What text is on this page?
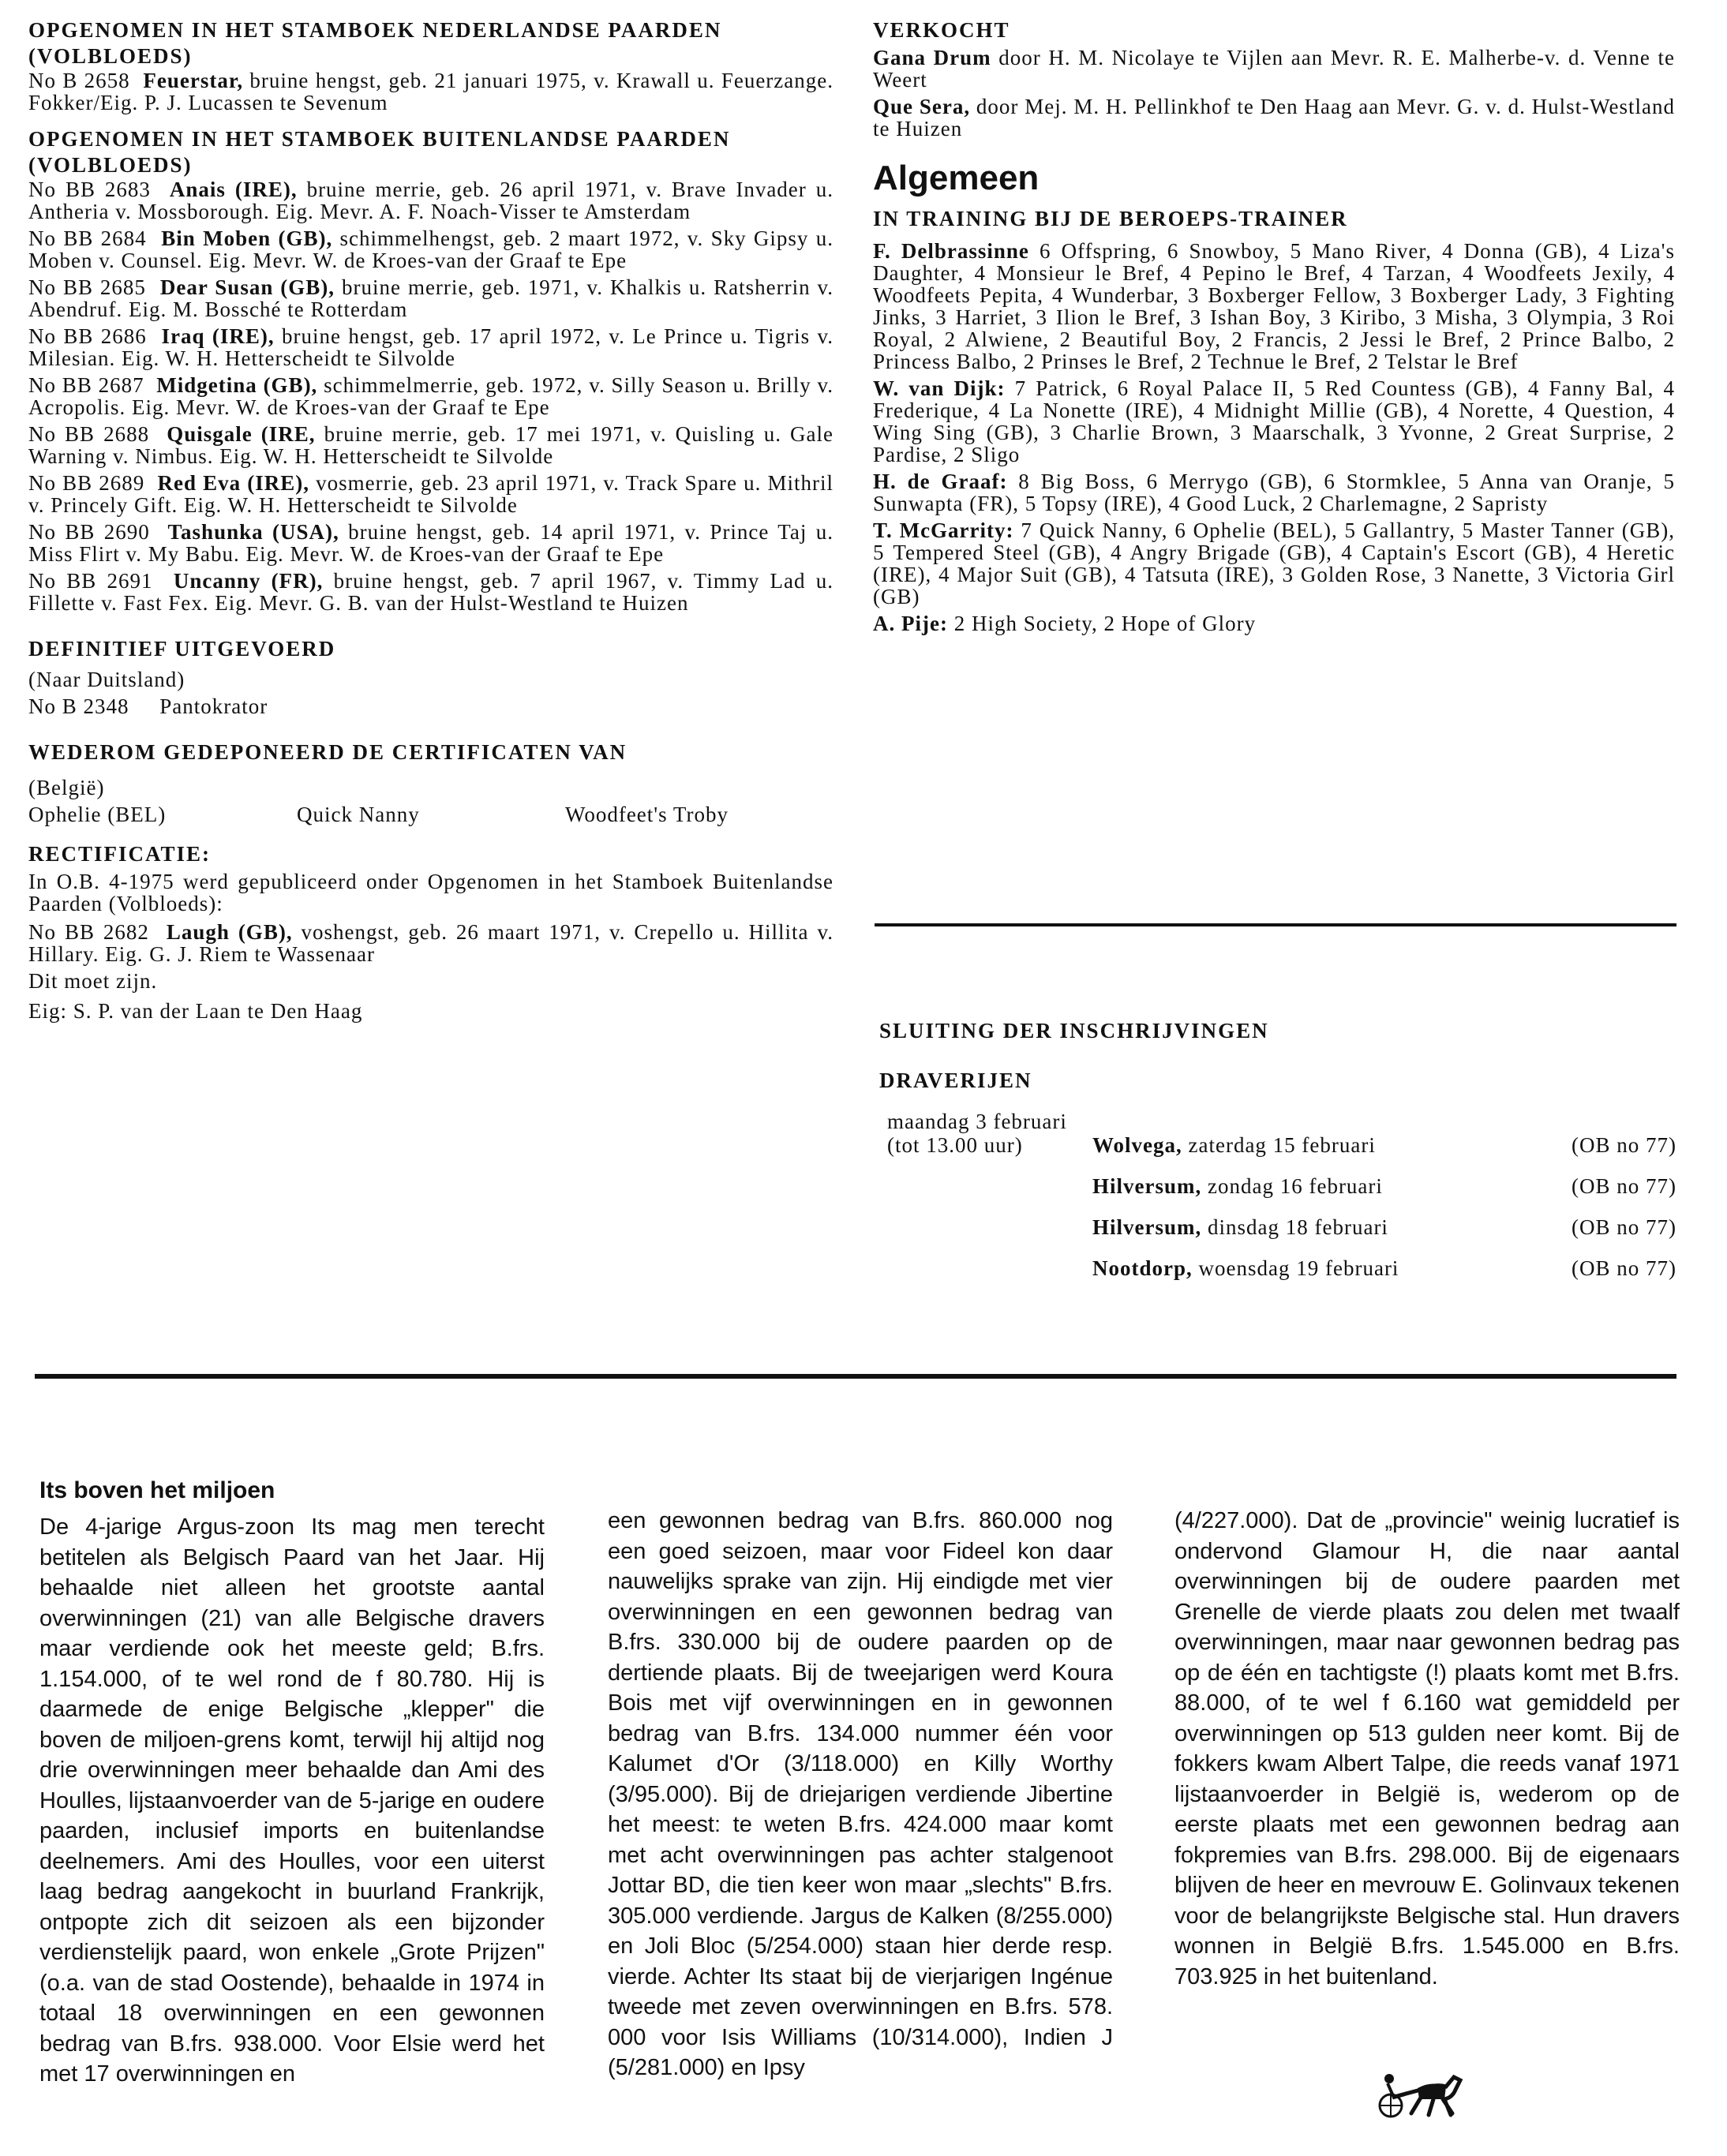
OPGENOMEN IN HET STAMBOEK NEDERLANDSE PAARDEN (VOLBLOEDS)

No B 2658 Feuerstar, bruine hengst, geb. 21 januari 1975, v. Krawall u. Feuerzange. Fokker/Eig. P. J. Lucassen te Sevenum

OPGENOMEN IN HET STAMBOEK BUITENLANDSE PAARDEN (VOLBLOEDS)

No BB 2683 Anais (IRE), bruine merrie, geb. 26 april 1971, v. Brave Invader u. Antheria v. Mossborough. Eig. Mevr. A. F. Noach-Visser te Amsterdam

No BB 2684 Bin Moben (GB), schimmelhengst, geb. 2 maart 1972, v. Sky Gipsy u. Moben v. Counsel. Eig. Mevr. W. de Kroes-van der Graaf te Epe

No BB 2685 Dear Susan (GB), bruine merrie, geb. 1971, v. Khalkis u. Ratsherrin v. Abendruf. Eig. M. Bossché te Rotterdam

No BB 2686 Iraq (IRE), bruine hengst, geb. 17 april 1972, v. Le Prince u. Tigris v. Milesian. Eig. W. H. Hetterscheidt te Silvolde

No BB 2687 Midgetina (GB), schimmelmerrie, geb. 1972, v. Silly Season u. Brilly v. Acropolis. Eig. Mevr. W. de Kroes-van der Graaf te Epe

No BB 2688 Quisgale (IRE, bruine merrie, geb. 17 mei 1971, v. Quisling u. Gale Warning v. Nimbus. Eig. W. H. Hetterscheidt te Silvolde

No BB 2689 Red Eva (IRE), vosmerrie, geb. 23 april 1971, v. Track Spare u. Mithril v. Princely Gift. Eig. W. H. Hetterscheidt te Silvolde

No BB 2690 Tashunka (USA), bruine hengst, geb. 14 april 1971, v. Prince Taj u. Miss Flirt v. My Babu. Eig. Mevr. W. de Kroes-van der Graaf te Epe

No BB 2691 Uncanny (FR), bruine hengst, geb. 7 april 1967, v. Timmy Lad u. Fillette v. Fast Fex. Eig. Mevr. G. B. van der Hulst-Westland te Huizen

DEFINITIEF UITGEVOERD

(Naar Duitsland)

No B 2348     Pantokrator

WEDEROM GEDEPONEERD DE CERTIFICATEN VAN

(België)

Ophelie (BEL)	Quick Nanny	Woodfeet's Troby
RECTIFICATIE:

In O.B. 4-1975 werd gepubliceerd onder Opgenomen in het Stamboek Buitenlandse Paarden (Volbloeds):

No BB 2682 Laugh (GB), voshengst, geb. 26 maart 1971, v. Crepello u. Hillita v. Hillary. Eig. G. J. Riem te Wassenaar

Dit moet zijn.

Eig: S. P. van der Laan te Den Haag

VERKOCHT

Gana Drum door H. M. Nicolaye te Vijlen aan Mevr. R. E. Malherbe-v. d. Venne te Weert

Que Sera, door Mej. M. H. Pellinkhof te Den Haag aan Mevr. G. v. d. Hulst-Westland te Huizen

Algemeen
IN TRAINING BIJ DE BEROEPS-TRAINER

F. Delbrassinne 6 Offspring, 6 Snowboy, 5 Mano River, 4 Donna (GB), 4 Liza's Daughter, 4 Monsieur le Bref, 4 Pepino le Bref, 4 Tarzan, 4 Woodfeets Jexily, 4 Woodfeets Pepita, 4 Wunderbar, 3 Boxberger Fellow, 3 Boxberger Lady, 3 Fighting Jinks, 3 Harriet, 3 Ilion le Bref, 3 Ishan Boy, 3 Kiribo, 3 Misha, 3 Olympia, 3 Roi Royal, 2 Alwiene, 2 Beautiful Boy, 2 Francis, 2 Jessi le Bref, 2 Prince Balbo, 2 Princess Balbo, 2 Prinses le Bref, 2 Technue le Bref, 2 Telstar le Bref

W. van Dijk: 7 Patrick, 6 Royal Palace II, 5 Red Countess (GB), 4 Fanny Bal, 4 Frederique, 4 La Nonette (IRE), 4 Midnight Millie (GB), 4 Norette, 4 Question, 4 Wing Sing (GB), 3 Charlie Brown, 3 Maarschalk, 3 Yvonne, 2 Great Surprise, 2 Pardise, 2 Sligo

H. de Graaf: 8 Big Boss, 6 Merrygo (GB), 6 Stormklee, 5 Anna van Oranje, 5 Sunwapta (FR), 5 Topsy (IRE), 4 Good Luck, 2 Charlemagne, 2 Sapristy

T. McGarrity: 7 Quick Nanny, 6 Ophelie (BEL), 5 Gallantry, 5 Master Tanner (GB), 5 Tempered Steel (GB), 4 Angry Brigade (GB), 4 Captain's Escort (GB), 4 Heretic (IRE), 4 Major Suit (GB), 4 Tatsuta (IRE), 3 Golden Rose, 3 Nanette, 3 Victoria Girl (GB)

A. Pije: 2 High Society, 2 Hope of Glory

SLUITING DER INSCHRIJVINGEN
DRAVERIJEN
maandag 3 februari
(tot 13.00 uur)	Wolvega, zaterdag 15 februari	(OB no 77)
Hilversum, zondag 16 februari	(OB no 77)
Hilversum, dinsdag 18 februari	(OB no 77)
Nootdorp, woensdag 19 februari	(OB no 77)
Its boven het miljoen

De 4-jarige Argus-zoon Its mag men terecht betitelen als Belgisch Paard van het Jaar. Hij behaalde niet alleen het grootste aantal overwinningen (21) van alle Belgische dravers maar verdiende ook het meeste geld; B.frs. 1.154.000, of te wel rond de f 80.780. Hij is daarmede de enige Belgische „klepper" die boven de miljoen-grens komt, terwijl hij altijd nog drie overwinningen meer behaalde dan Ami des Houlles, lijstaanvoerder van de 5-jarige en oudere paarden, inclusief imports en buitenlandse deelnemers. Ami des Houlles, voor een uiterst laag bedrag aangekocht in buurland Frankrijk, ontpopte zich dit seizoen als een bijzonder verdienstelijk paard, won enkele „Grote Prijzen" (o.a. van de stad Oostende), behaalde in 1974 in totaal 18 overwinningen en een gewonnen bedrag van B.frs. 938.000. Voor Elsie werd het met 17 overwinningen en

een gewonnen bedrag van B.frs. 860.000 nog een goed seizoen, maar voor Fideel kon daar nauwelijks sprake van zijn. Hij eindigde met vier overwinningen en een gewonnen bedrag van B.frs. 330.000 bij de oudere paarden op de dertiende plaats. Bij de tweejarigen werd Koura Bois met vijf overwinningen en in gewonnen bedrag van B.frs. 134.000 nummer één voor Kalumet d'Or (3/118.000) en Killy Worthy (3/95.000). Bij de driejarigen verdiende Jibertine het meest: te weten B.frs. 424.000 maar komt met acht overwinningen pas achter stalgenoot Jottar BD, die tien keer won maar „slechts" B.frs. 305.000 verdiende. Jargus de Kalken (8/255.000) en Joli Bloc (5/254.000) staan hier derde resp. vierde. Achter Its staat bij de vierjarigen Ingénue tweede met zeven overwinningen en B.frs. 578. 000 voor Isis Williams (10/314.000), Indien J (5/281.000) en Ipsy

(4/227.000). Dat de „provincie" weinig lucratief is ondervond Glamour H, die naar aantal overwinningen bij de oudere paarden met Grenelle de vierde plaats zou delen met twaalf overwinningen, maar naar gewonnen bedrag pas op de één en tachtigste (!) plaats komt met B.frs. 88.000, of te wel f 6.160 wat gemiddeld per overwinningen op 513 gulden neer komt. Bij de fokkers kwam Albert Talpe, die reeds vanaf 1971 lijstaanvoerder in België is, wederom op de eerste plaats met een gewonnen bedrag aan fokpremies van B.frs. 298.000. Bij de eigenaars blijven de heer en mevrouw E. Golinvaux tekenen voor de belangrijkste Belgische stal. Hun dravers wonnen in België B.frs. 1.545.000 en B.frs. 703.925 in het buitenland.
